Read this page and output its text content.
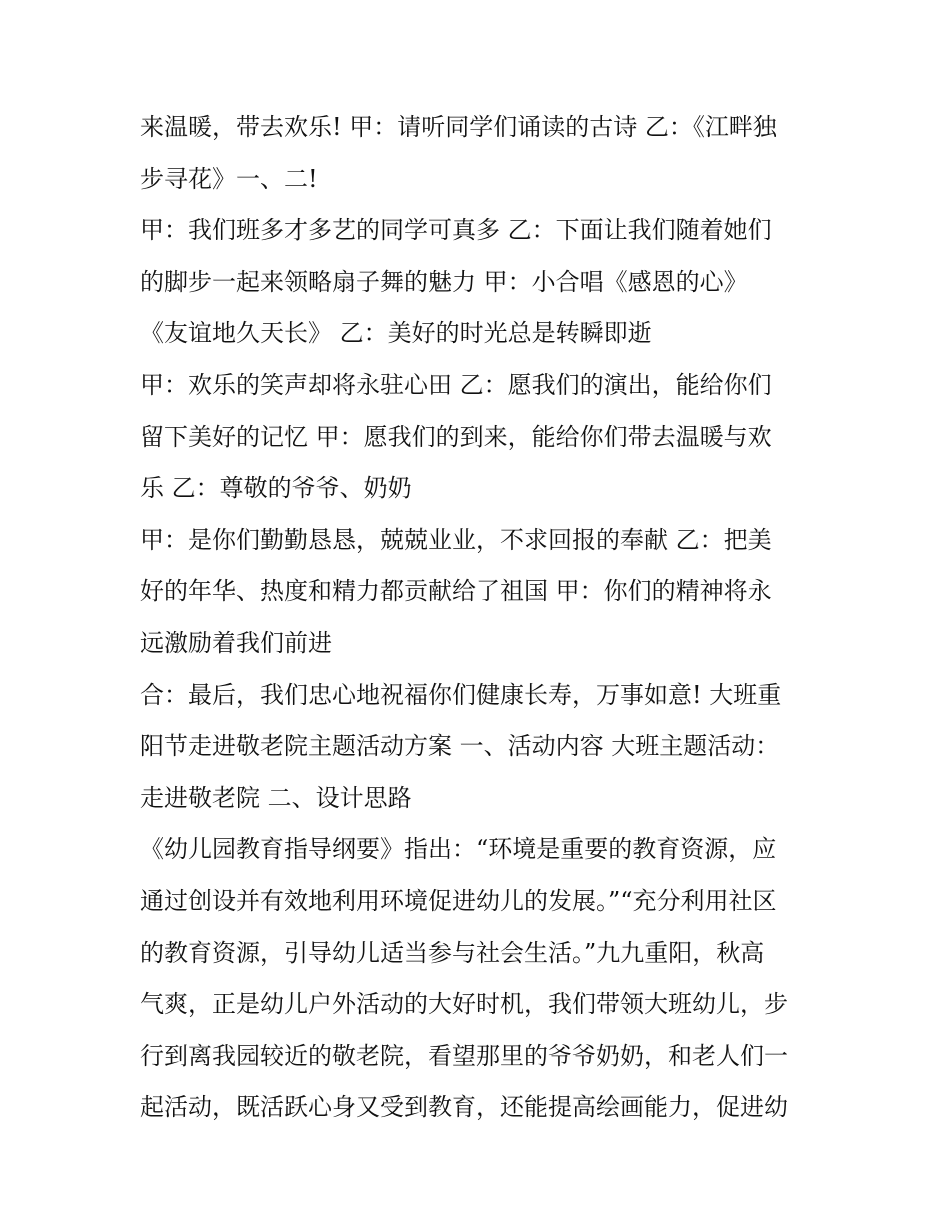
来温暖，带去欢乐! 甲：请听同学们诵读的古诗 乙：《江畔独
步寻花》一、二!
甲：我们班多才多艺的同学可真多 乙：下面让我们随着她们
的脚步一起来领略扇子舞的魅力 甲：小合唱《感恩的心》
《友谊地久天长》 乙：美好的时光总是转瞬即逝
甲：欢乐的笑声却将永驻心田 乙：愿我们的演出，能给你们
留下美好的记忆 甲：愿我们的到来，能给你们带去温暖与欢
乐 乙：尊敬的爷爷、奶奶
甲：是你们勤勤恳恳，兢兢业业，不求回报的奉献 乙：把美
好的年华、热度和精力都贡献给了祖国 甲：你们的精神将永
远激励着我们前进
合：最后，我们忠心地祝福你们健康长寿，万事如意! 大班重
阳节走进敬老院主题活动方案 一、活动内容 大班主题活动：
走进敬老院 二、设计思路
《幼儿园教育指导纲要》指出：“环境是重要的教育资源，应
通过创设并有效地利用环境促进幼儿的发展。”“充分利用社区
的教育资源，引导幼儿适当参与社会生活。”九九重阳，秋高
气爽，正是幼儿户外活动的大好时机，我们带领大班幼儿，步
行到离我园较近的敬老院，看望那里的爷爷奶奶，和老人们一
起活动，既活跃心身又受到教育，还能提高绘画能力，促进幼
